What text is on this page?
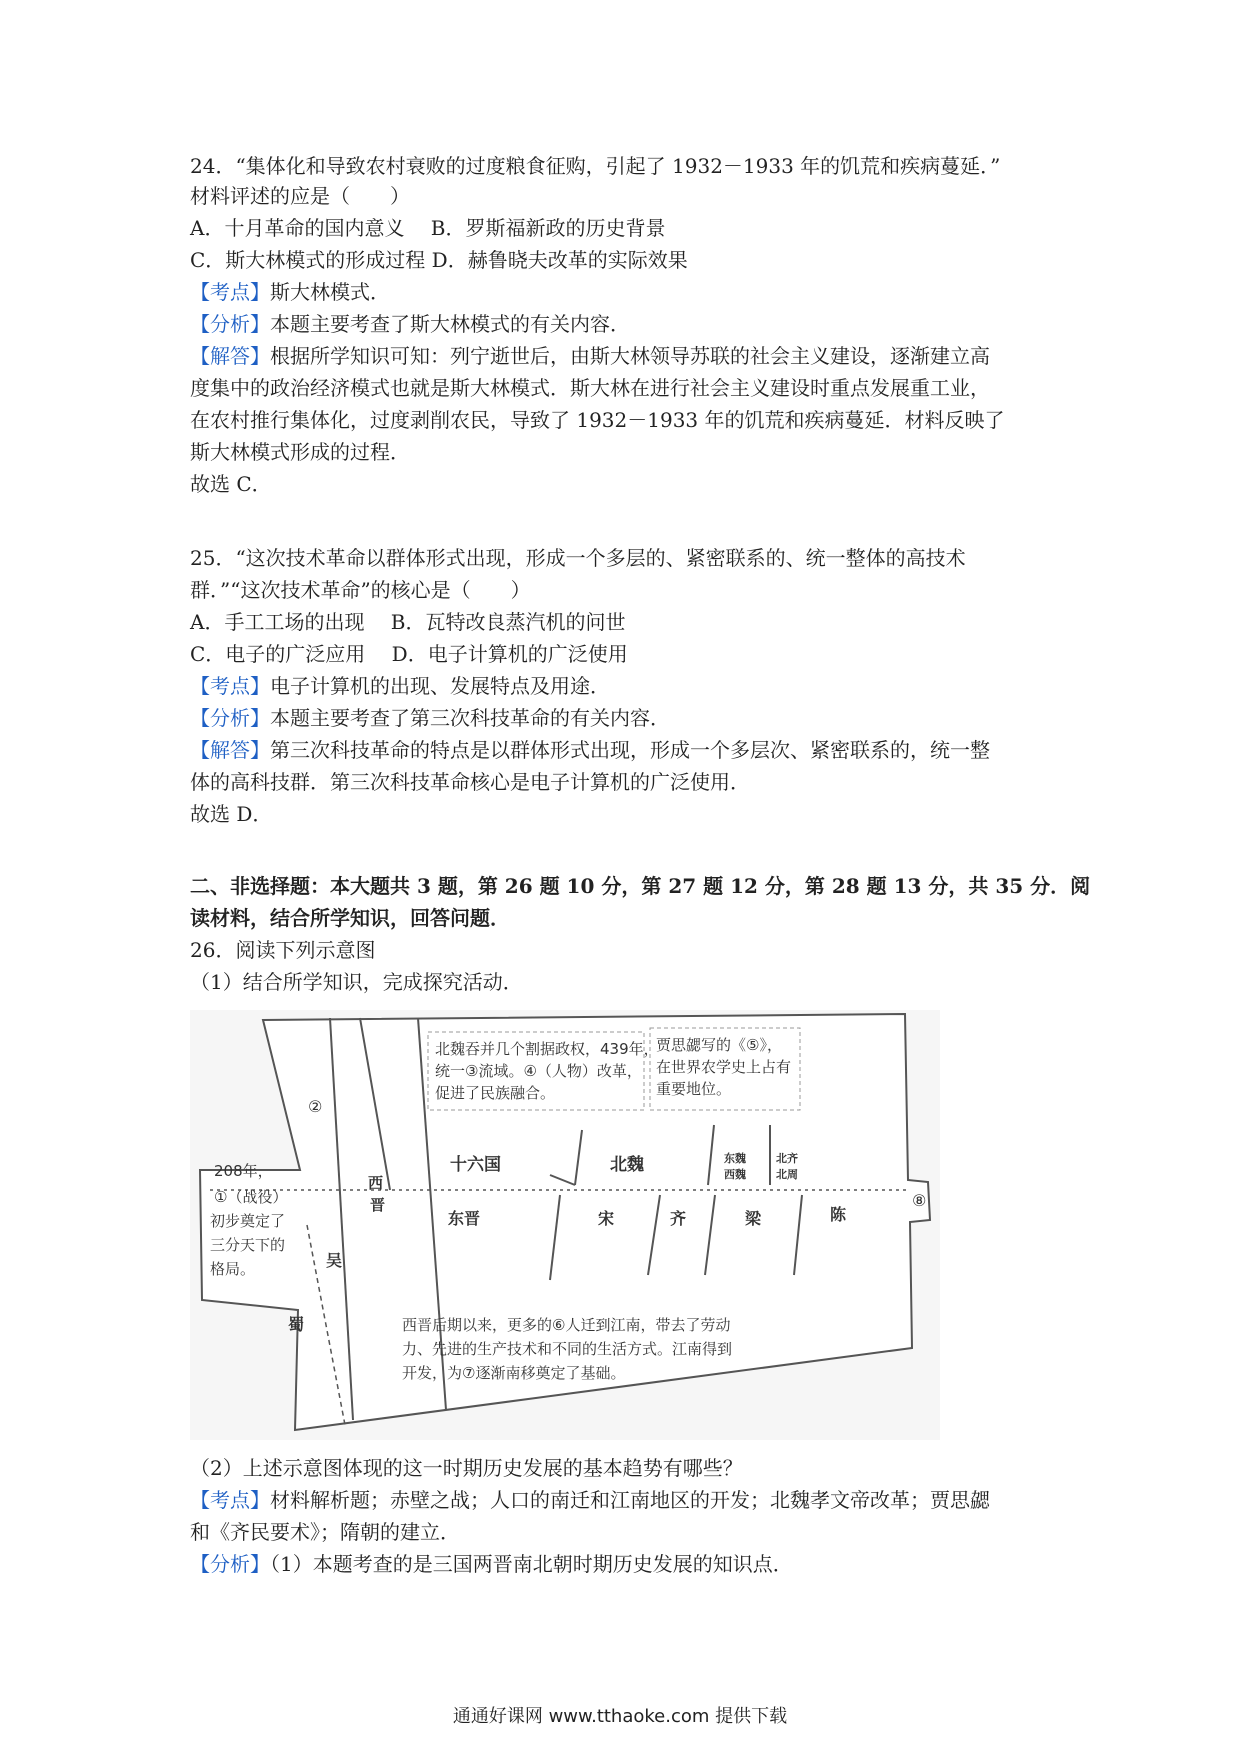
24．“集体化和导致农村衰败的过度粮食征购，引起了 1932－1933 年的饥荒和疾病蔓延．”
材料评述的应是（　　）
A．十月革命的国内意义　 B．罗斯福新政的历史背景
C．斯大林模式的形成过程 D．赫鲁晓夫改革的实际效果
【考点】斯大林模式．
【分析】本题主要考查了斯大林模式的有关内容．
【解答】根据所学知识可知：列宁逝世后，由斯大林领导苏联的社会主义建设，逐渐建立高
度集中的政治经济模式也就是斯大林模式．斯大林在进行社会主义建设时重点发展重工业，
在农村推行集体化，过度剥削农民，导致了 1932－1933 年的饥荒和疾病蔓延．材料反映了
斯大林模式形成的过程．
故选 C．
25．“这次技术革命以群体形式出现，形成一个多层的、紧密联系的、统一整体的高技术
群．”“这次技术革命”的核心是（　　）
A．手工工场的出现　 B．瓦特改良蒸汽机的问世
C．电子的广泛应用　 D．电子计算机的广泛使用
【考点】电子计算机的出现、发展特点及用途．
【分析】本题主要考查了第三次科技革命的有关内容．
【解答】第三次科技革命的特点是以群体形式出现，形成一个多层次、紧密联系的，统一整
体的高科技群．第三次科技革命核心是电子计算机的广泛使用．
故选 D．
二、非选择题：本大题共 3 题，第 26 题 10 分，第 27 题 12 分，第 28 题 13 分，共 35 分．阅
读材料，结合所学知识，回答问题．
26．阅读下列示意图
（1）结合所学知识，完成探究活动．
北魏吞并几个割据政权，439年，
统一③流域。④（人物）改革，
促进了民族融合。
贾思勰写的《⑤》，
在世界农学史上占有
重要地位。
208年，
①（战役）
初步奠定了
三分天下的
格局。
②
⑧
西
晋
吴
蜀
十六国	北魏	东魏
西魏
北齐
北周
东晋	宋	齐	梁	陈
西晋后期以来，更多的⑥人迁到江南，带去了劳动
力、先进的生产技术和不同的生活方式。江南得到
开发，为⑦逐渐南移奠定了基础。
（2）上述示意图体现的这一时期历史发展的基本趋势有哪些？
【考点】材料解析题；赤壁之战；人口的南迁和江南地区的开发；北魏孝文帝改革；贾思勰
和《齐民要术》；隋朝的建立．
【分析】（1）本题考查的是三国两晋南北朝时期历史发展的知识点．
通通好课网 www.tthaoke.com 提供下载
